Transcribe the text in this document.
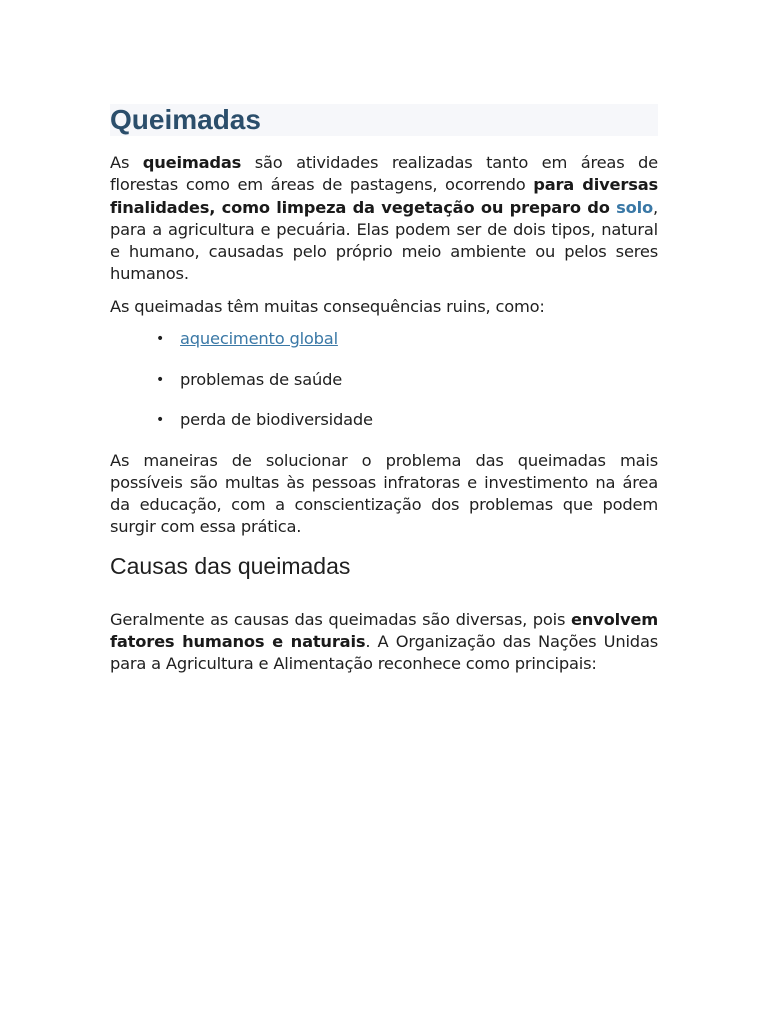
Queimadas

As queimadas são atividades realizadas tanto em áreas de florestas como em áreas de pastagens, ocorrendo para diversas finalidades, como limpeza da vegetação ou preparo do solo, para a agricultura e pecuária. Elas podem ser de dois tipos, natural e humano, causadas pelo próprio meio ambiente ou pelos seres humanos.

As queimadas têm muitas consequências ruins, como:

• aquecimento global
• problemas de saúde
• perda de biodiversidade

As maneiras de solucionar o problema das queimadas mais possíveis são multas às pessoas infratoras e investimento na área da educação, com a conscientização dos problemas que podem surgir com essa prática.

Causas das queimadas

Geralmente as causas das queimadas são diversas, pois envolvem fatores humanos e naturais. A Organização das Nações Unidas para a Agricultura e Alimentação reconhece como principais:
